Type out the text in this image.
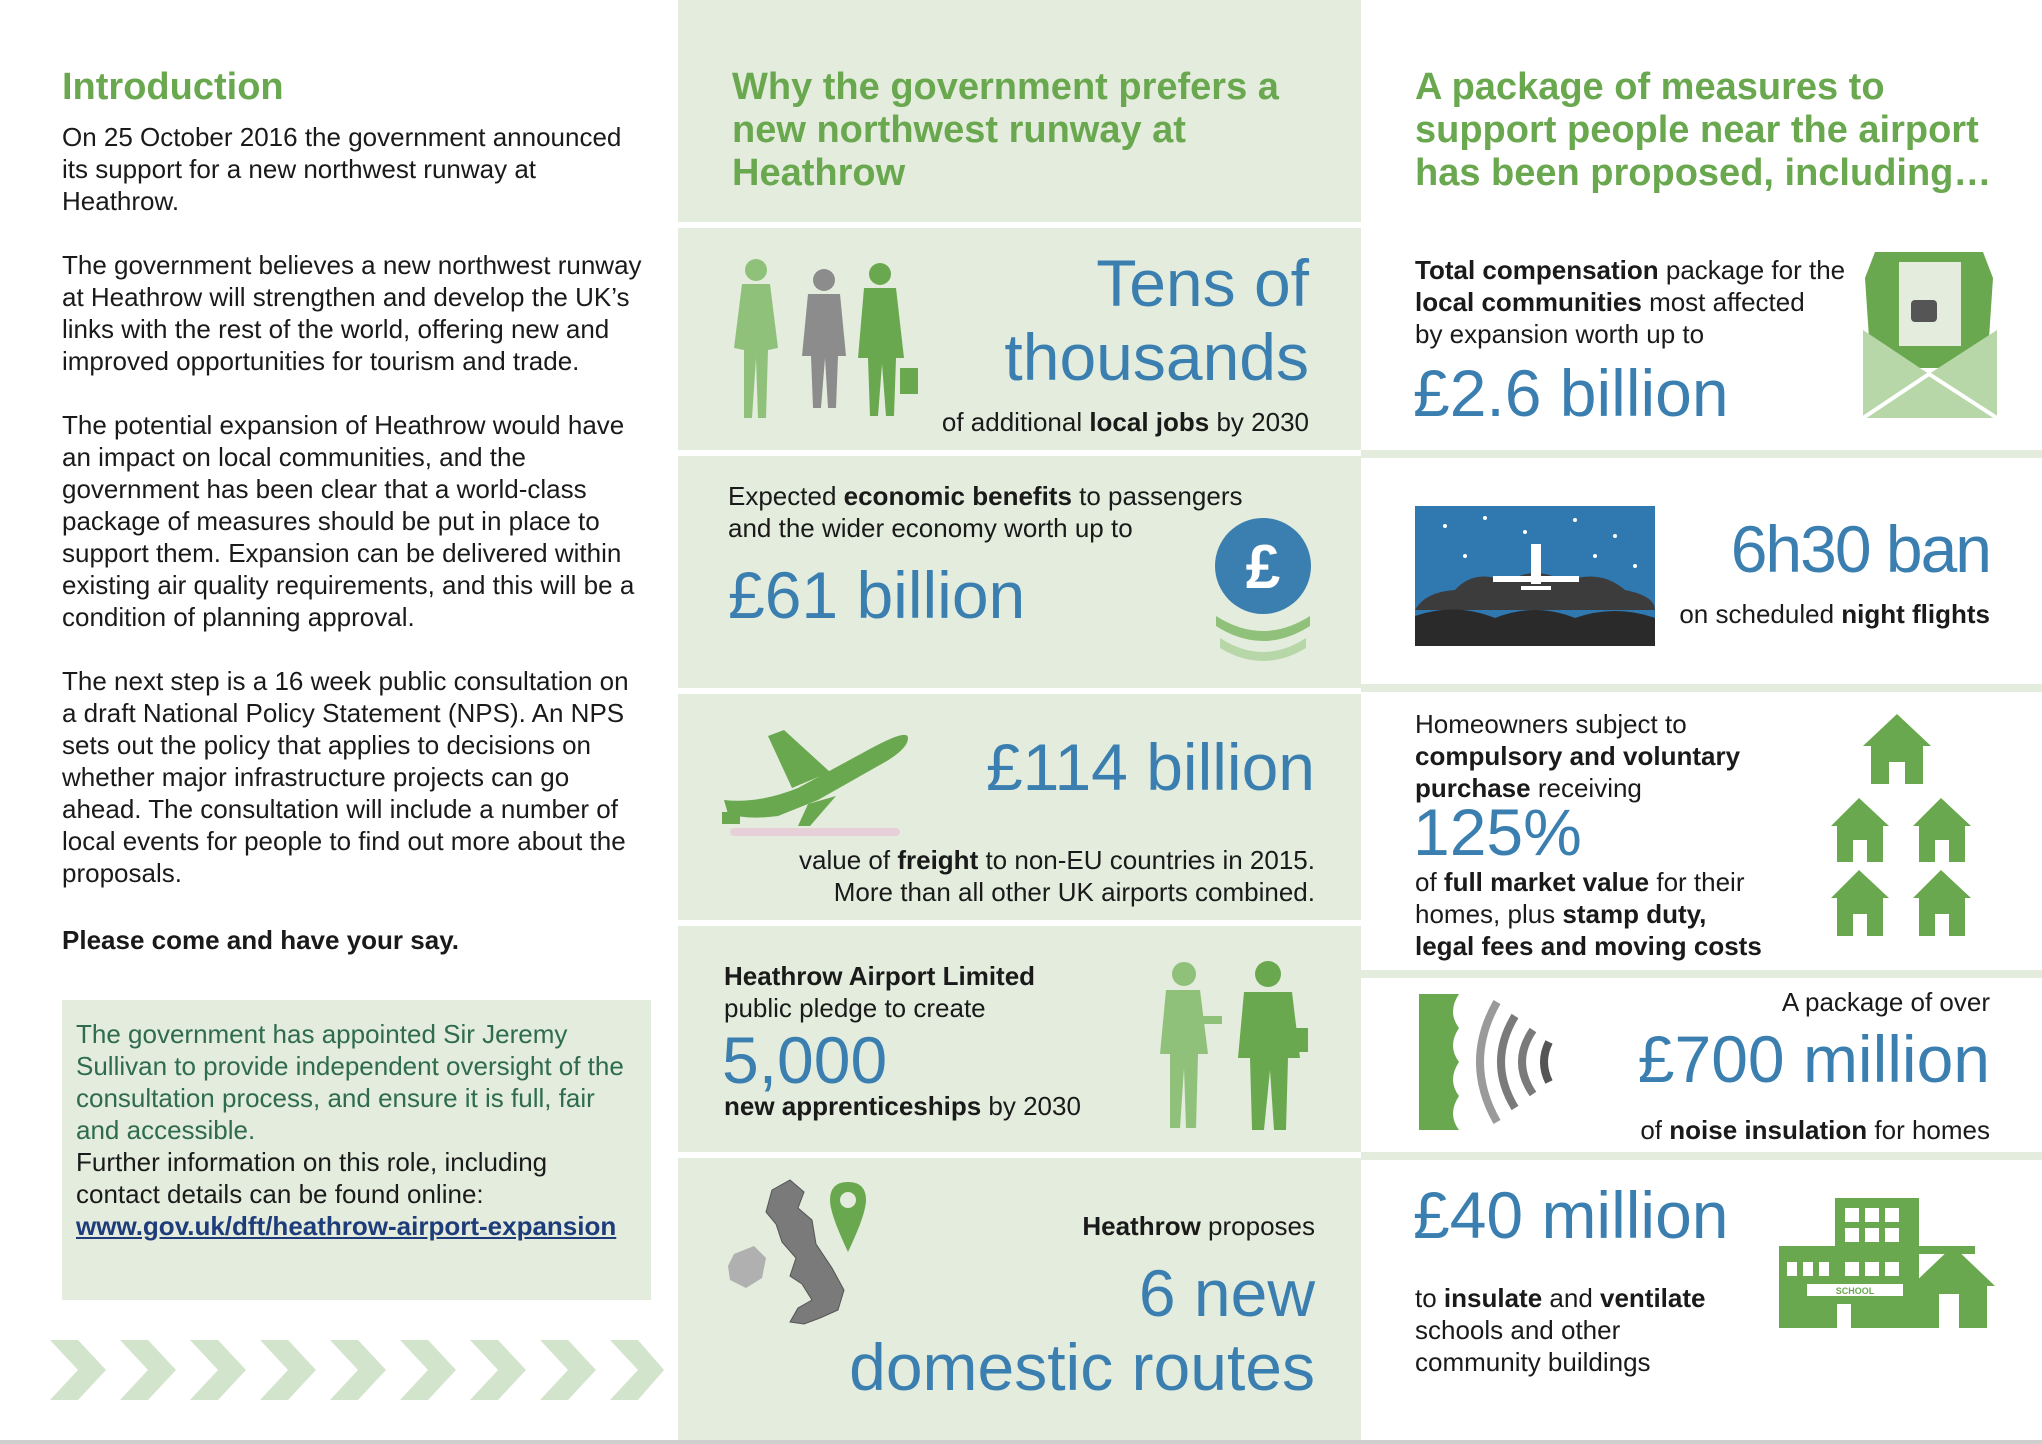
Introduction

On 25 October 2016 the government announced its support for a new northwest runway at Heathrow.

The government believes a new northwest runway at Heathrow will strengthen and develop the UK’s links with the rest of the world, offering new and improved opportunities for tourism and trade.

The potential expansion of Heathrow would have an impact on local communities, and the government has been clear that a world-class package of measures should be put in place to support them. Expansion can be delivered within existing air quality requirements, and this will be a condition of planning approval.

The next step is a 16 week public consultation on a draft National Policy Statement (NPS). An NPS sets out the policy that applies to decisions on whether major infrastructure projects can go ahead. The consultation will include a number of local events for people to find out more about the proposals.

Please come and have your say.

The government has appointed Sir Jeremy Sullivan to provide independent oversight of the consultation process, and ensure it is full, fair and accessible.

Further information on this role, including contact details can be found online:

www.gov.uk/dft/heathrow-airport-expansion
Why the government prefers a new northwest runway at Heathrow
Tens of
thousands
of additional local jobs by 2030
Expected economic benefits to passengers
and the wider economy worth up to
£61 billion	£
£114 billion
value of freight to non-EU countries in 2015.
More than all other UK airports combined.
Heathrow Airport Limited
public pledge to create
5,000
new apprenticeships by 2030
Heathrow proposes
6 new
domestic routes
A package of measures to support people near the airport has been proposed, including…
Total compensation package for the
local communities most affected
by expansion worth up to
£2.6 billion
6h30 ban
on scheduled night flights
Homeowners subject to
compulsory and voluntary
purchase receiving
125%
of full market value for their
homes, plus stamp duty,
legal fees and moving costs
A package of over
£700 million
of noise insulation for homes
£40 million
to insulate and ventilate
schools and other
community buildings
SCHOOL
